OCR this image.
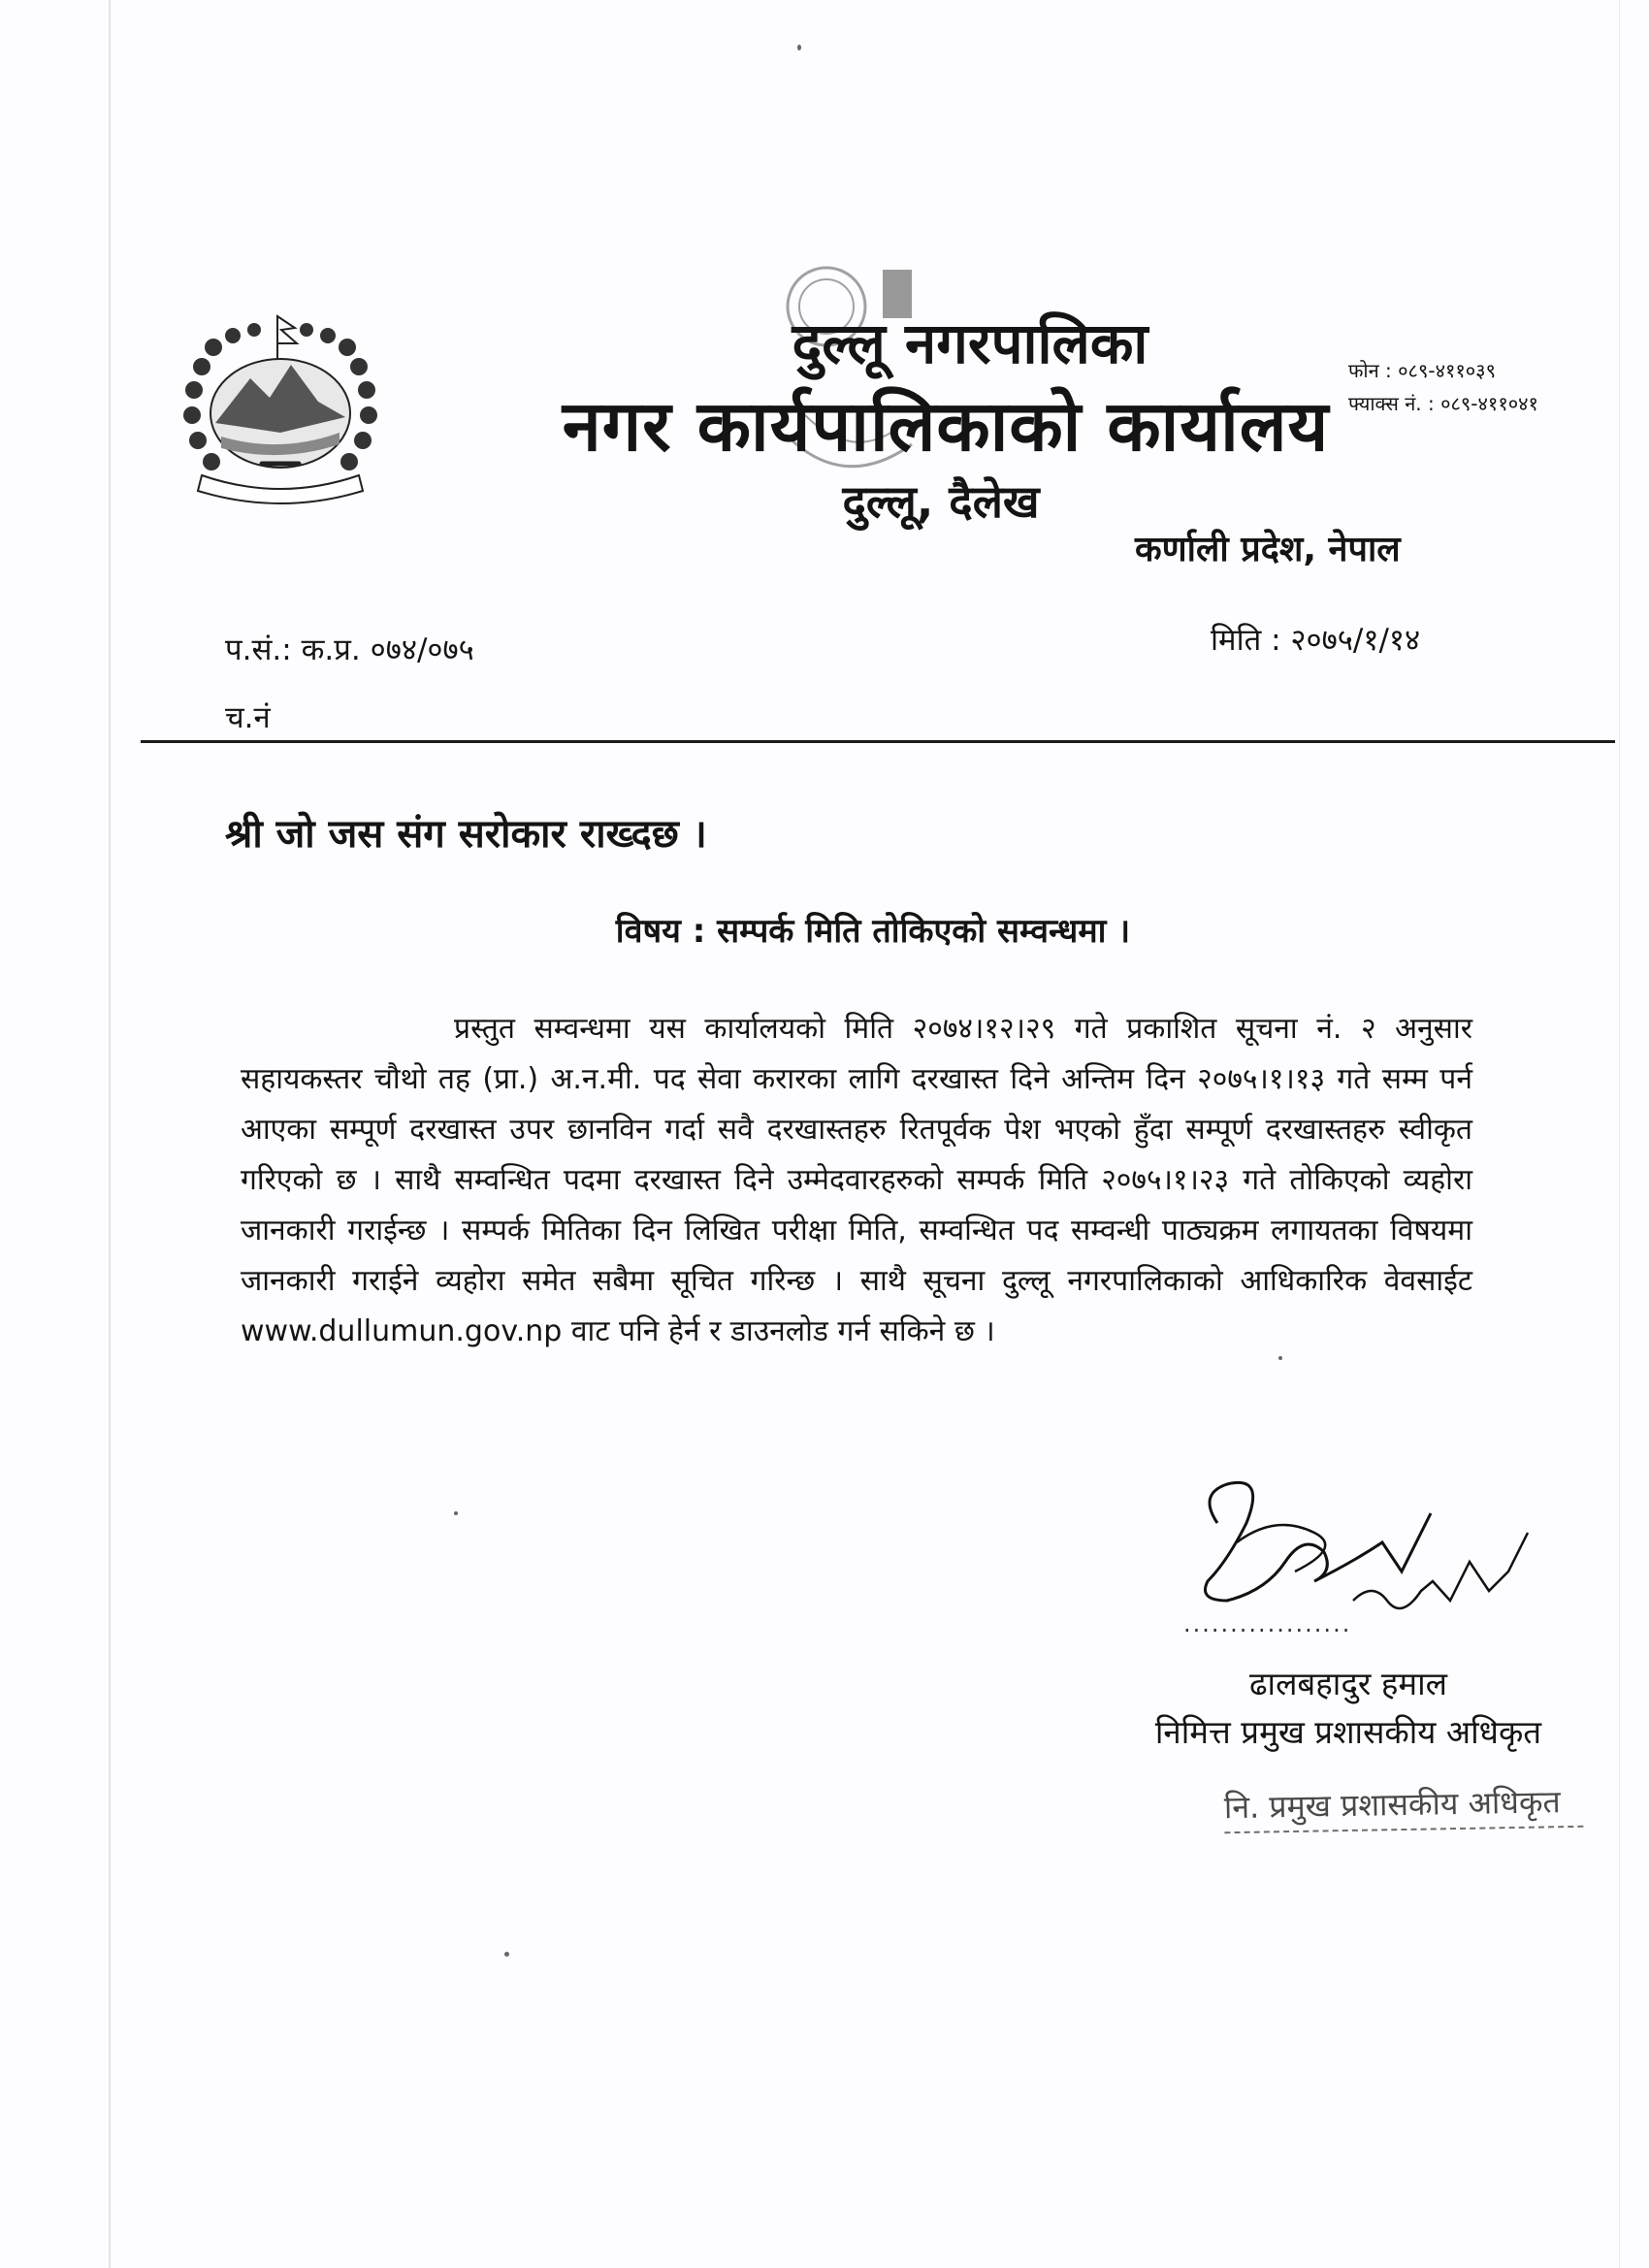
दुल्लू नगरपालिका
नगर कार्यपालिकाको कार्यालय
दुल्लू, दैलेख
फोन : ०८९-४११०३९
फ्याक्स नं. : ०८९-४११०४१
कर्णाली प्रदेश, नेपाल
प.सं.: क.प्र. ०७४/०७५	मिति : २०७५/१/१४
च.नं
श्री जो जस संग सरोकार राख्दछ ।
विषय : सम्पर्क मिति तोकिएको सम्वन्धमा ।
प्रस्तुत सम्वन्धमा यस कार्यालयको मिति २०७४।१२।२९ गते प्रकाशित सूचना नं. २ अनुसार सहायकस्तर चौथो तह (प्रा.) अ.न.मी. पद सेवा करारका लागि दरखास्त दिने अन्तिम दिन २०७५।१।१३ गते सम्म पर्न आएका सम्पूर्ण दरखास्त उपर छानविन गर्दा सवै दरखास्तहरु रितपूर्वक पेश भएको हुँदा सम्पूर्ण दरखास्तहरु स्वीकृत गरिएको छ । साथै सम्वन्धित पदमा दरखास्त दिने उम्मेदवारहरुको सम्पर्क मिति २०७५।१।२३ गते तोकिएको व्यहोरा जानकारी गराईन्छ । सम्पर्क मितिका दिन लिखित परीक्षा मिति, सम्वन्धित पद सम्वन्धी पाठ्यक्रम लगायतका विषयमा जानकारी गराईने व्यहोरा समेत सबैमा सूचित गरिन्छ । साथै सूचना दुल्लू नगरपालिकाको आधिकारिक वेवसाईट www.dullumun.gov.np वाट पनि हेर्न र डाउनलोड गर्न सकिने छ ।
..................
ढालबहादुर हमाल
निमित्त प्रमुख प्रशासकीय अधिकृत
नि. प्रमुख प्रशासकीय अधिकृत
